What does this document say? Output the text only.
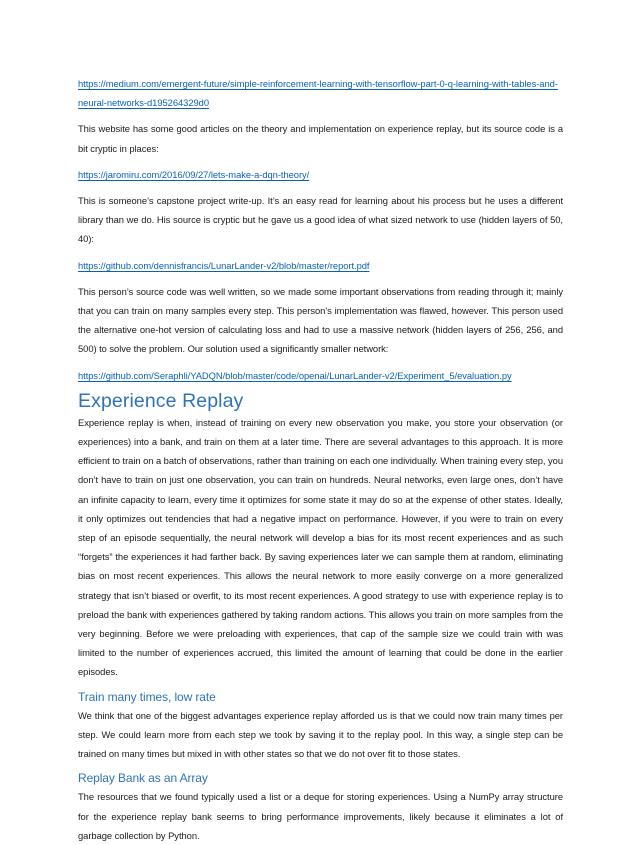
https://medium.com/emergent-future/simple-reinforcement-learning-with-tensorflow-part-0-q-learning-with-tables-and-neural-networks-d195264329d0

This website has some good articles on the theory and implementation on experience replay, but its source code is a bit cryptic in places:

https://jaromiru.com/2016/09/27/lets-make-a-dqn-theory/

This is someone’s capstone project write-up. It’s an easy read for learning about his process but he uses a different library than we do. His source is cryptic but he gave us a good idea of what sized network to use (hidden layers of 50, 40):

https://github.com/dennisfrancis/LunarLander-v2/blob/master/report.pdf

This person’s source code was well written, so we made some important observations from reading through it; mainly that you can train on many samples every step. This person’s implementation was flawed, however. This person used the alternative one-hot version of calculating loss and had to use a massive network (hidden layers of 256, 256, and 500) to solve the problem. Our solution used a significantly smaller network:

https://github.com/Seraphli/YADQN/blob/master/code/openai/LunarLander-v2/Experiment_5/evaluation.py

Experience Replay

Experience replay is when, instead of training on every new observation you make, you store your observation (or experiences) into a bank, and train on them at a later time. There are several advantages to this approach. It is more efficient to train on a batch of observations, rather than training on each one individually. When training every step, you don’t have to train on just one observation, you can train on hundreds. Neural networks, even large ones, don’t have an infinite capacity to learn, every time it optimizes for some state it may do so at the expense of other states. Ideally, it only optimizes out tendencies that had a negative impact on performance. However, if you were to train on every step of an episode sequentially, the neural network will develop a bias for its most recent experiences and as such “forgets” the experiences it had farther back. By saving experiences later we can sample them at random, eliminating bias on most recent experiences. This allows the neural network to more easily converge on a more generalized strategy that isn’t biased or overfit, to its most recent experiences. A good strategy to use with experience replay is to preload the bank with experiences gathered by taking random actions. This allows you train on more samples from the very beginning. Before we were preloading with experiences, that cap of the sample size we could train with was limited to the number of experiences accrued, this limited the amount of learning that could be done in the earlier episodes.

Train many times, low rate

We think that one of the biggest advantages experience replay afforded us is that we could now train many times per step. We could learn more from each step we took by saving it to the replay pool. In this way, a single step can be trained on many times but mixed in with other states so that we do not over fit to those states.

Replay Bank as an Array

The resources that we found typically used a list or a deque for storing experiences. Using a NumPy array structure for the experience replay bank seems to bring performance improvements, likely because it eliminates a lot of garbage collection by Python.
